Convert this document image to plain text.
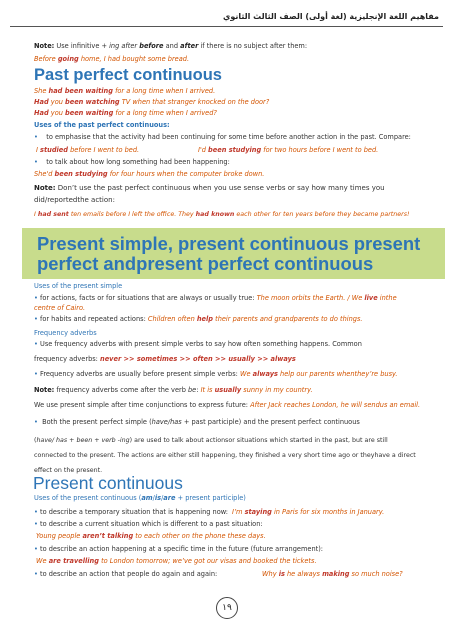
مفاهيم اللغة الإنجليزية (لغة أولى) الصف الثالث الثانوي
Note: Use infinitive + ing after before and after if there is no subject after them:
Before going home, I had bought some bread.
Past perfect continuous
She had been waiting for a long time when I arrived.
Had you been watching TV when that stranger knocked on the door?
Had you been waiting for a long time when I arrived?
Uses of the past perfect continuous:
• to emphasise that the activity had been continuing for some time before another action in the past. Compare:
I studied before I went to bed.	I'd been studying for two hours before I went to bed.
• to talk about how long something had been happening:
She'd been studying for four hours when the computer broke down.
Note: Don’t use the past perfect continuous when you use sense verbs or say how many times you
did/reportedthe action:
I had sent ten emails before I left the office. They had known each other for ten years before they became partners!
Present simple, present continuous present
perfect andpresent perfect continuous
Uses of the present simple
• for actions, facts or for situations that are always or usually true: The moon orbits the Earth. / We live inthe
centre of Cairo.
• for habits and repeated actions: Children often help their parents and grandparents to do things.
Frequency adverbs
• Use frequency adverbs with present simple verbs to say how often something happens. Common
frequency adverbs: never >> sometimes >> often >> usually >> always
• Frequency adverbs are usually before present simple verbs: We always help our parents whenthey’re busy.
Note: frequency adverbs come after the verb be: It is usually sunny in my country.
We use present simple after time conjunctions to express future: After Jack reaches London, he will sendus an email.
• Both the present perfect simple (have/has + past participle) and the present perfect continuous
(have/ has + been + verb -ing) are used to talk about actionsor situations which started in the past, but are still
connected to the present. The actions are either still happening, they finished a very short time ago or theyhave a direct
effect on the present.
Present continuous
Uses of the present continuous (am/is/are + present participle)
• to describe a temporary situation that is happening now: I’m staying in Paris for six months in January.
• to describe a current situation which is different to a past situation:
Young people aren’t talking to each other on the phone these days.
• to describe an action happening at a specific time in the future (future arrangement):
We are travelling to London tomorrow; we’ve got our visas and booked the tickets.
• to describe an action that people do again and again:	Why is he always making so much noise?
١٩
